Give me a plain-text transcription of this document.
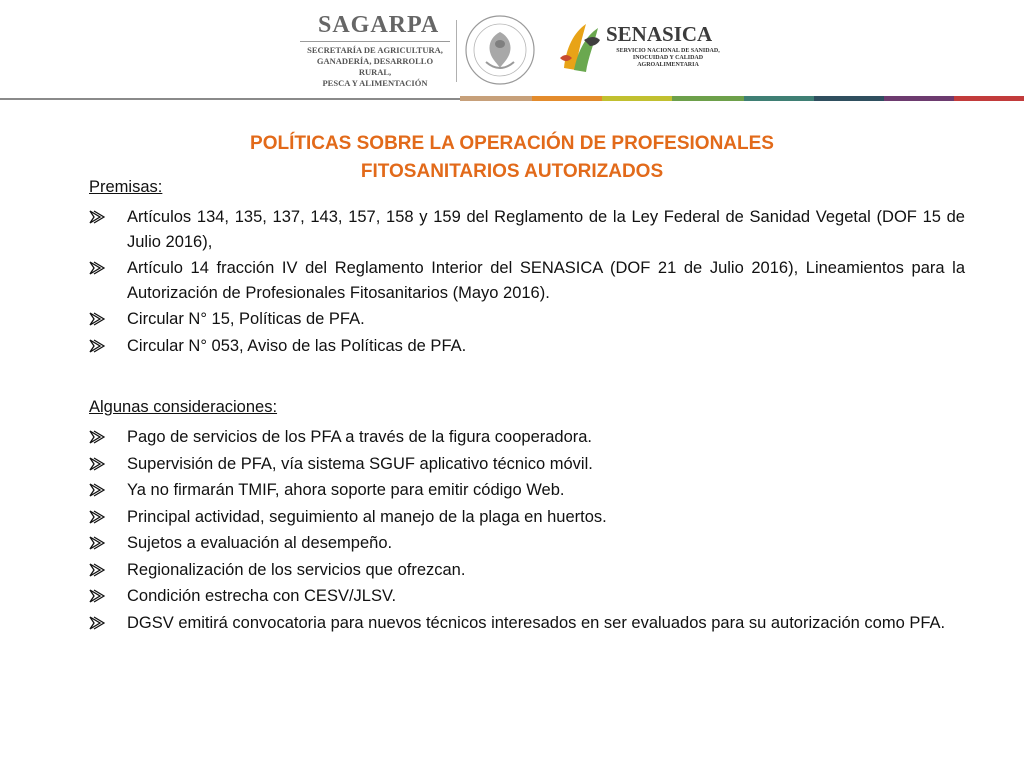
SAGARPA
SECRETARÍA DE AGRICULTURA,
GANADERÍA, DESARROLLO RURAL,
PESCA Y ALIMENTACIÓN
SENASICA
SERVICIO NACIONAL DE SANIDAD,
INOCUIDAD Y CALIDAD
AGROALIMENTARIA
POLÍTICAS SOBRE LA OPERACIÓN DE PROFESIONALES
FITOSANITARIOS AUTORIZADOS
Premisas:
Artículos 134, 135, 137, 143, 157, 158 y 159 del Reglamento de la Ley Federal de Sanidad Vegetal (DOF 15 de Julio 2016),
Artículo 14 fracción IV del Reglamento Interior del SENASICA (DOF 21 de Julio 2016), Lineamientos para la Autorización de Profesionales Fitosanitarios (Mayo 2016).
Circular N° 15, Políticas de PFA.
Circular N° 053, Aviso de las Políticas de PFA.
Algunas consideraciones:
Pago de servicios de los PFA a través de la figura cooperadora.
Supervisión de PFA, vía sistema SGUF aplicativo técnico móvil.
Ya no firmarán TMIF, ahora soporte para emitir código Web.
Principal actividad, seguimiento al manejo de la plaga en huertos.
Sujetos a evaluación al desempeño.
Regionalización de los servicios que ofrezcan.
Condición estrecha con CESV/JLSV.
DGSV emitirá convocatoria para nuevos técnicos interesados en ser evaluados para su autorización como PFA.
